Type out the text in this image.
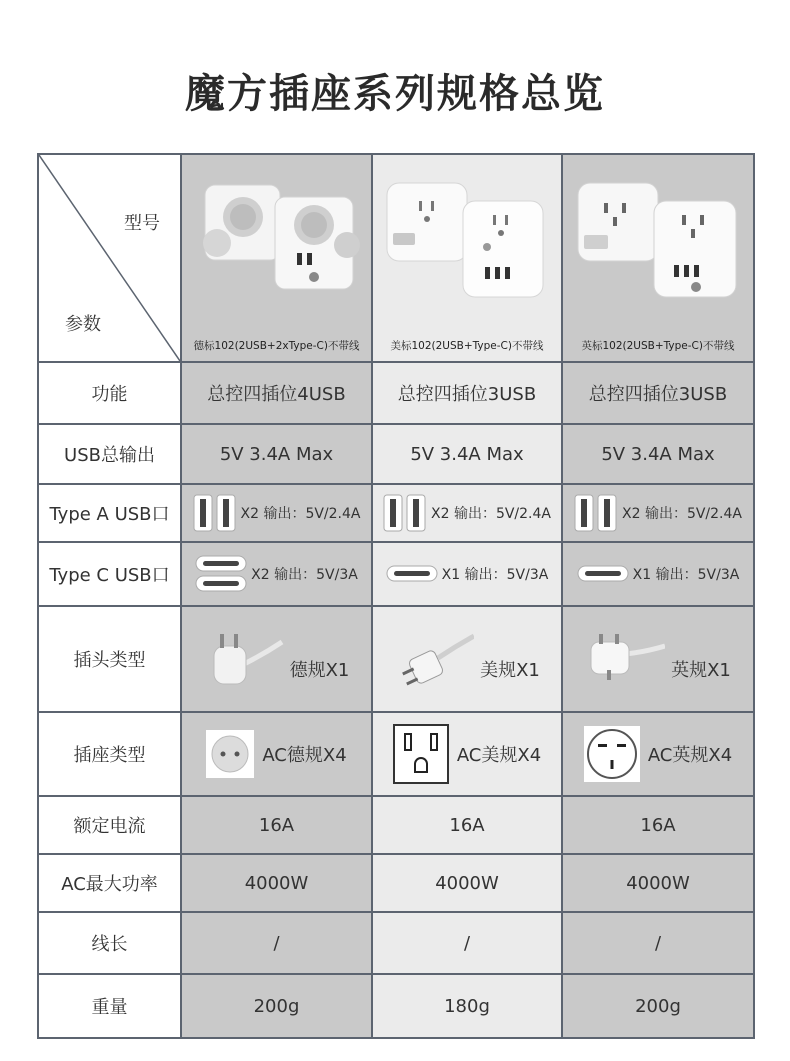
魔方插座系列规格总览
型号
参数	德标102(2USB+2xType-C)不带线	美标102(2USB+Type-C)不带线	英标102(2USB+Type-C)不带线

功能	总控四插位4USB	总控四插位3USB	总控四插位3USB
USB总输出	5V 3.4A Max	5V 3.4A Max	5V 3.4A Max
Type A USB口	X2 输出：5V/2.4A	X2 输出：5V/2.4A	X2 输出：5V/2.4A

Type C USB口	X2 输出：5V/3A	X1 输出：5V/3A	X1 输出：5V/3A

插头类型	德规X1	美规X1	英规X1

插座类型	AC德规X4	AC美规X4	AC英规X4

额定电流	16A	16A	16A
AC最大功率	4000W	4000W	4000W
线长	/	/	/
重量	200g	180g	200g
